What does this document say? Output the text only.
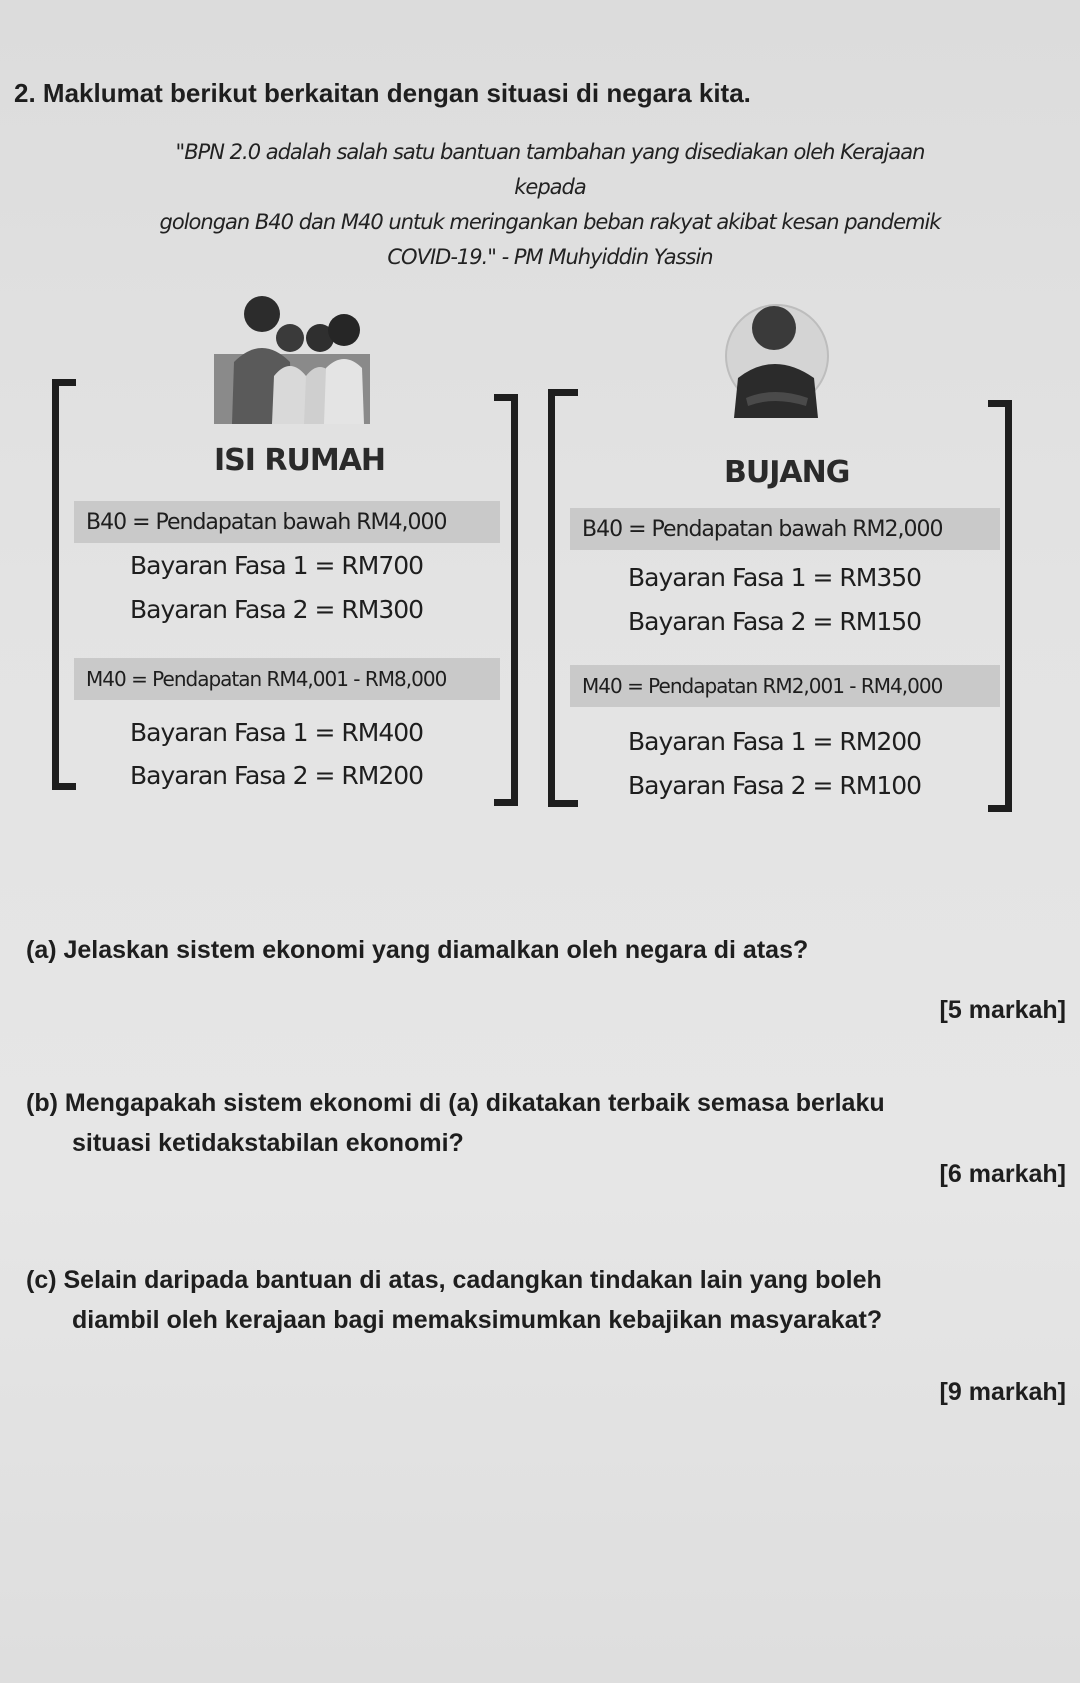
2. Maklumat berikut berkaitan dengan situasi di negara kita.
"BPN 2.0 adalah salah satu bantuan tambahan yang disediakan oleh Kerajaan kepada
golongan B40 dan M40 untuk meringankan beban rakyat akibat kesan pandemik
COVID-19." - PM Muhyiddin Yassin
ISI RUMAH
B40 = Pendapatan bawah RM4,000
Bayaran Fasa 1 = RM700
Bayaran Fasa 2 = RM300
M40 = Pendapatan RM4,001 - RM8,000
Bayaran Fasa 1 = RM400
Bayaran Fasa 2 = RM200
BUJANG
B40 = Pendapatan bawah RM2,000
Bayaran Fasa 1 = RM350
Bayaran Fasa 2 = RM150
M40 = Pendapatan RM2,001 - RM4,000
Bayaran Fasa 1 = RM200
Bayaran Fasa 2 = RM100
(a) Jelaskan sistem ekonomi yang diamalkan oleh negara di atas?
[5 markah]
(b) Mengapakah sistem ekonomi di (a) dikatakan terbaik semasa berlaku
situasi ketidakstabilan ekonomi?
[6 markah]
(c) Selain daripada bantuan di atas, cadangkan tindakan lain yang boleh
diambil oleh kerajaan bagi memaksimumkan kebajikan masyarakat?
[9 markah]
